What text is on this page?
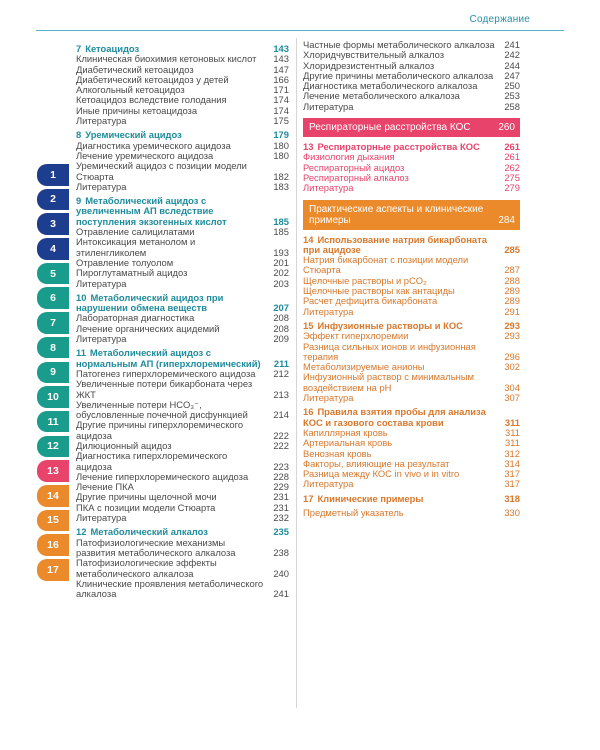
Содержание
1
2
3
4
5
6
7
8
9
10
11
12
13
14
15
16
17
7 Кетоацидоз	143
Клиническая биохимия кетоновых кислот	143
Диабетический кетоацидоз	147
Диабетический кетоацидоз у детей	166
Алкогольный кетоацидоз	171
Кетоацидоз вследствие голодания	174
Иные причины кетоацидоза	174
Литература	175
8 Уремический ацидоз	179
Диагностика уремического ацидоза	180
Лечение уремического ацидоза	180
Уремический ацидоз с позиции модели Стюарта	182
Литература	183
9 Метаболический ацидоз с увеличенным АП вследствие поступления экзогенных кислот	185
Отравление салицилатами	185
Интоксикация метанолом и этиленгликолем	193
Отравление толуолом	201
Пироглутаматный ацидоз	202
Литература	203
10 Метаболический ацидоз при нарушении обмена веществ	207
Лабораторная диагностика	208
Лечение органических ацидемий	208
Литература	209
11 Метаболический ацидоз с нормальным АП (гиперхлоремический)	211
Патогенез гиперхлоремического ацидоза	212
Увеличенные потери бикарбоната через ЖКТ	213
Увеличенные потери HCO₃⁻, обусловленные почечной дисфункцией	214
Другие причины гиперхлоремического ацидоза	222
Дилюционный ацидоз	222
Диагностика гиперхлоремического ацидоза	223
Лечение гиперхлоремического ацидоза	228
Лечение ПКА	229
Другие причины щелочной мочи	231
ПКА с позиции модели Стюарта	231
Литература	232
12 Метаболический алкалоз	235
Патофизиологические механизмы развития метаболического алкалоза	238
Патофизиологические эффекты метаболического алкалоза	240
Клинические проявления метаболического алкалоза	241
Частные формы метаболического алкалоза	241
Хлоридчувствительный алкалоз	242
Хлоридрезистентный алкалоз	244
Другие причины метаболического алкалоза	247
Диагностика метаболического алкалоза	250
Лечение метаболического алкалоза	253
Литература	258
Респираторные расстройства КОС	260
13 Респираторные расстройства КОС	261
Физиология дыхания	261
Респираторный ацидоз	262
Респираторный алкалоз	275
Литература	279
Практические аспекты и клинические примеры	284
14 Использование натрия бикарбоната при ацидозе	285
Натрия бикарбонат с позиции модели Стюарта	287
Щелочные растворы и pCO₂	288
Щелочные растворы как антациды	289
Расчет дефицита бикарбоната	289
Литература	291
15 Инфузионные растворы и КОС	293
Эффект гиперхлоремии	293
Разница сильных ионов и инфузионная терапия	296
Метаболизируемые анионы	302
Инфузионный раствор с минимальным воздействием на pH	304
Литература	307
16 Правила взятия пробы для анализа КОС и газового состава крови	311
Капиллярная кровь	311
Артериальная кровь	311
Венозная кровь	312
Факторы, влияющие на результат	314
Разница между КОС in vivo и in vitro	317
Литература	317
17 Клинические примеры	318
Предметный указатель	330
